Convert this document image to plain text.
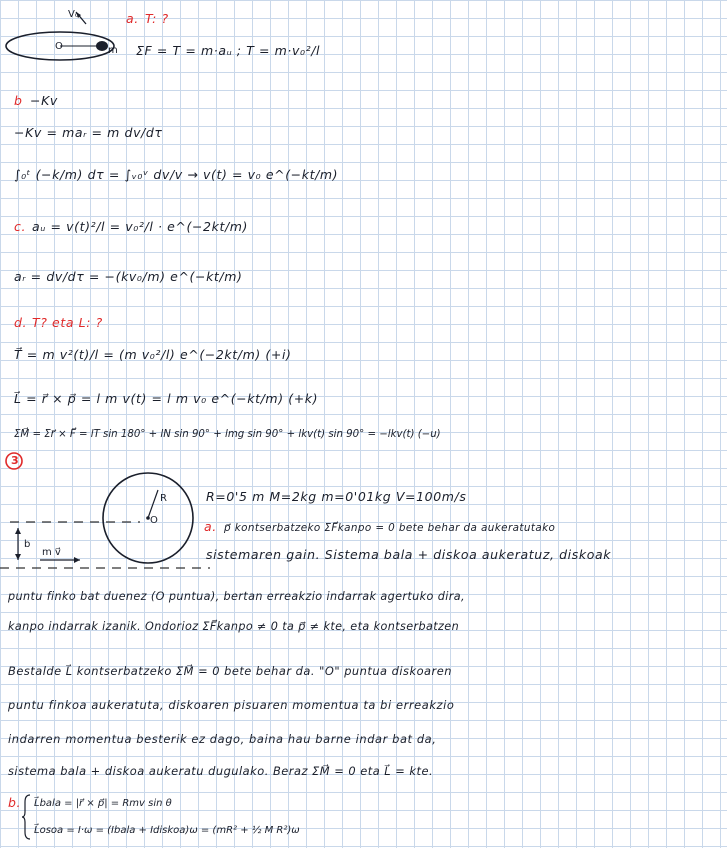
V₀
O	m
a. T: ?
ΣF = T = m·aᵤ ; T = m·v₀²/l
b −Kv
−Kv = maᵣ = m dv/dτ
∫₀ᵗ (−k/m) dτ = ∫ᵥ₀ᵛ dv/v → v(t) = v₀ e^(−kt/m)
c. aᵤ = v(t)²/l = v₀²/l · e^(−2kt/m)
aᵣ = dv/dτ = −(kv₀/m) e^(−kt/m)
d. T? eta L: ?
T⃗ = m v²(t)/l = (m v₀²/l) e^(−2kt/m) (+i)
L⃗ = r⃗ × p⃗ = l m v(t) = l m v₀ e^(−kt/m) (+k)
ΣM⃗ = Σr⃗ × F⃗ = lT sin 180° + lN sin 90° + lmg sin 90° + lkv(t) sin 90° = −lkv(t) (−u)
3
R
O
b
m v⃗
R=0'5 m M=2kg m=0'01kg V=100m/s
a. p⃗ kontserbatzeko ΣF⃗kanpo = 0 bete behar da aukeratutako
sistemaren gain. Sistema bala + diskoa aukeratuz, diskoak
puntu finko bat duenez (O puntua), bertan erreakzio indarrak agertuko dira,
kanpo indarrak izanik. Ondorioz ΣF⃗kanpo ≠ 0 ta p⃗ ≠ kte, eta kontserbatzen
Bestalde L⃗ kontserbatzeko ΣM⃗ = 0 bete behar da. "O" puntua diskoaren
puntu finkoa aukeratuta, diskoaren pisuaren momentua ta bi erreakzio
indarren momentua besterik ez dago, baina hau barne indar bat da,
sistema bala + diskoa aukeratu dugulako. Beraz ΣM⃗ = 0 eta L⃗ = kte.
b. L⃗bala = |r⃗ × p⃗| = Rmv sin θ
L⃗osoa = I·ω = (Ibala + Idiskoa)ω = (mR² + ½ M R²)ω
